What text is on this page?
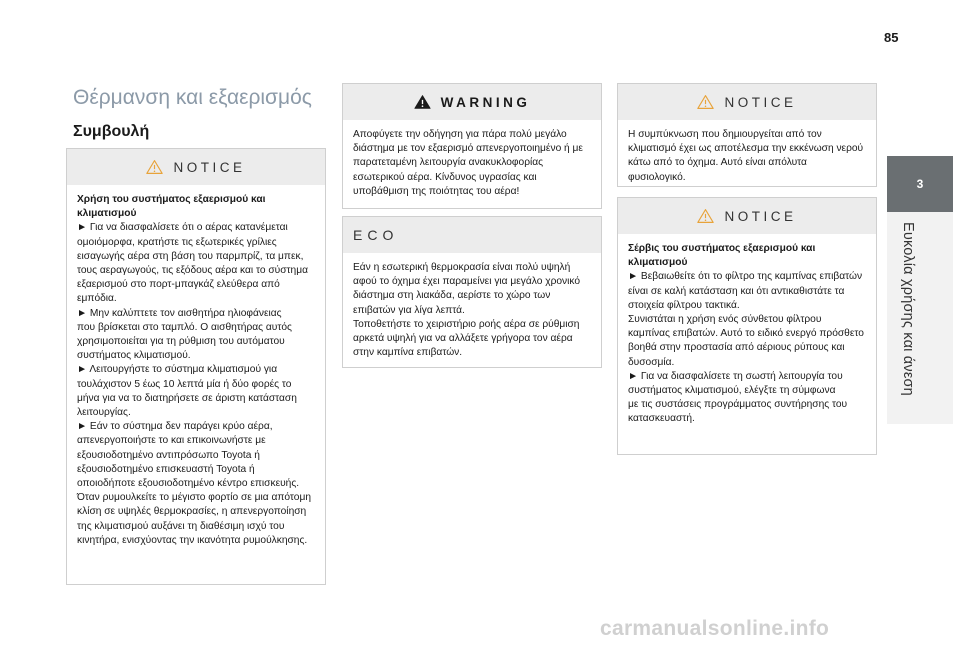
85
3
Ευκολία χρήσης και άνεση
Θέρμανση και εξαερισμός
Συμβουλή
NOTICE

Χρήση του συστήματος εξαερισμού και

κλιματισμού

► Για να διασφαλίσετε ότι ο αέρας κατανέμεται

ομοιόμορφα, κρατήστε τις εξωτερικές γρίλιες

εισαγωγής αέρα στη βάση του παρμπρίζ, τα μπεκ,

τους αεραγωγούς, τις εξόδους αέρα και το σύστημα

εξαερισμού στο πορτ-μπαγκάζ ελεύθερα από

εμπόδια.

► Μην καλύπτετε τον αισθητήρα ηλιοφάνειας

που βρίσκεται στο ταμπλό. Ο αισθητήρας αυτός

χρησιμοποιείται για τη ρύθμιση του αυτόματου

συστήματος κλιματισμού.

► Λειτουργήστε το σύστημα κλιματισμού για

τουλάχιστον 5 έως 10 λεπτά μία ή δύο φορές το

μήνα για να το διατηρήσετε σε άριστη κατάσταση

λειτουργίας.

► Εάν το σύστημα δεν παράγει κρύο αέρα,

απενεργοποιήστε το και επικοινωνήστε με

εξουσιοδοτημένο αντιπρόσωπο Toyota ή

εξουσιοδοτημένο επισκευαστή Toyota ή

οποιοδήποτε εξουσιοδοτημένο κέντρο επισκευής.

Όταν ρυμουλκείτε το μέγιστο φορτίο σε μια απότομη

κλίση σε υψηλές θερμοκρασίες, η απενεργοποίηση

της κλιματισμού αυξάνει τη διαθέσιμη ισχύ του

κινητήρα, ενισχύοντας την ικανότητα ρυμούλκησης.

WARNING

Αποφύγετε την οδήγηση για πάρα πολύ μεγάλο

διάστημα με τον εξαερισμό απενεργοποιημένο ή με

παρατεταμένη λειτουργία ανακυκλοφορίας

εσωτερικού αέρα. Κίνδυνος υγρασίας και

υποβάθμιση της ποιότητας του αέρα!

ECO

Εάν η εσωτερική θερμοκρασία είναι πολύ υψηλή

αφού το όχημα έχει παραμείνει για μεγάλο χρονικό

διάστημα στη λιακάδα, αερίστε το χώρο των

επιβατών για λίγα λεπτά.

Τοποθετήστε το χειριστήριο ροής αέρα σε ρύθμιση

αρκετά υψηλή για να αλλάξετε γρήγορα τον αέρα

στην καμπίνα επιβατών.

NOTICE

Η συμπύκνωση που δημιουργείται από τον

κλιματισμό έχει ως αποτέλεσμα την εκκένωση νερού

κάτω από το όχημα. Αυτό είναι απόλυτα

φυσιολογικό.

NOTICE

Σέρβις του συστήματος εξαερισμού και

κλιματισμού

► Βεβαιωθείτε ότι το φίλτρο της καμπίνας επιβατών

είναι σε καλή κατάσταση και ότι αντικαθιστάτε τα

στοιχεία φίλτρου τακτικά.

Συνιστάται η χρήση ενός σύνθετου φίλτρου

καμπίνας επιβατών. Αυτό το ειδικό ενεργό πρόσθετο

βοηθά στην προστασία από αέριους ρύπους και

δυσοσμία.

► Για να διασφαλίσετε τη σωστή λειτουργία του

συστήματος κλιματισμού, ελέγξτε τη σύμφωνα

με τις συστάσεις προγράμματος συντήρησης του

κατασκευαστή.

carmanualsonline.info
